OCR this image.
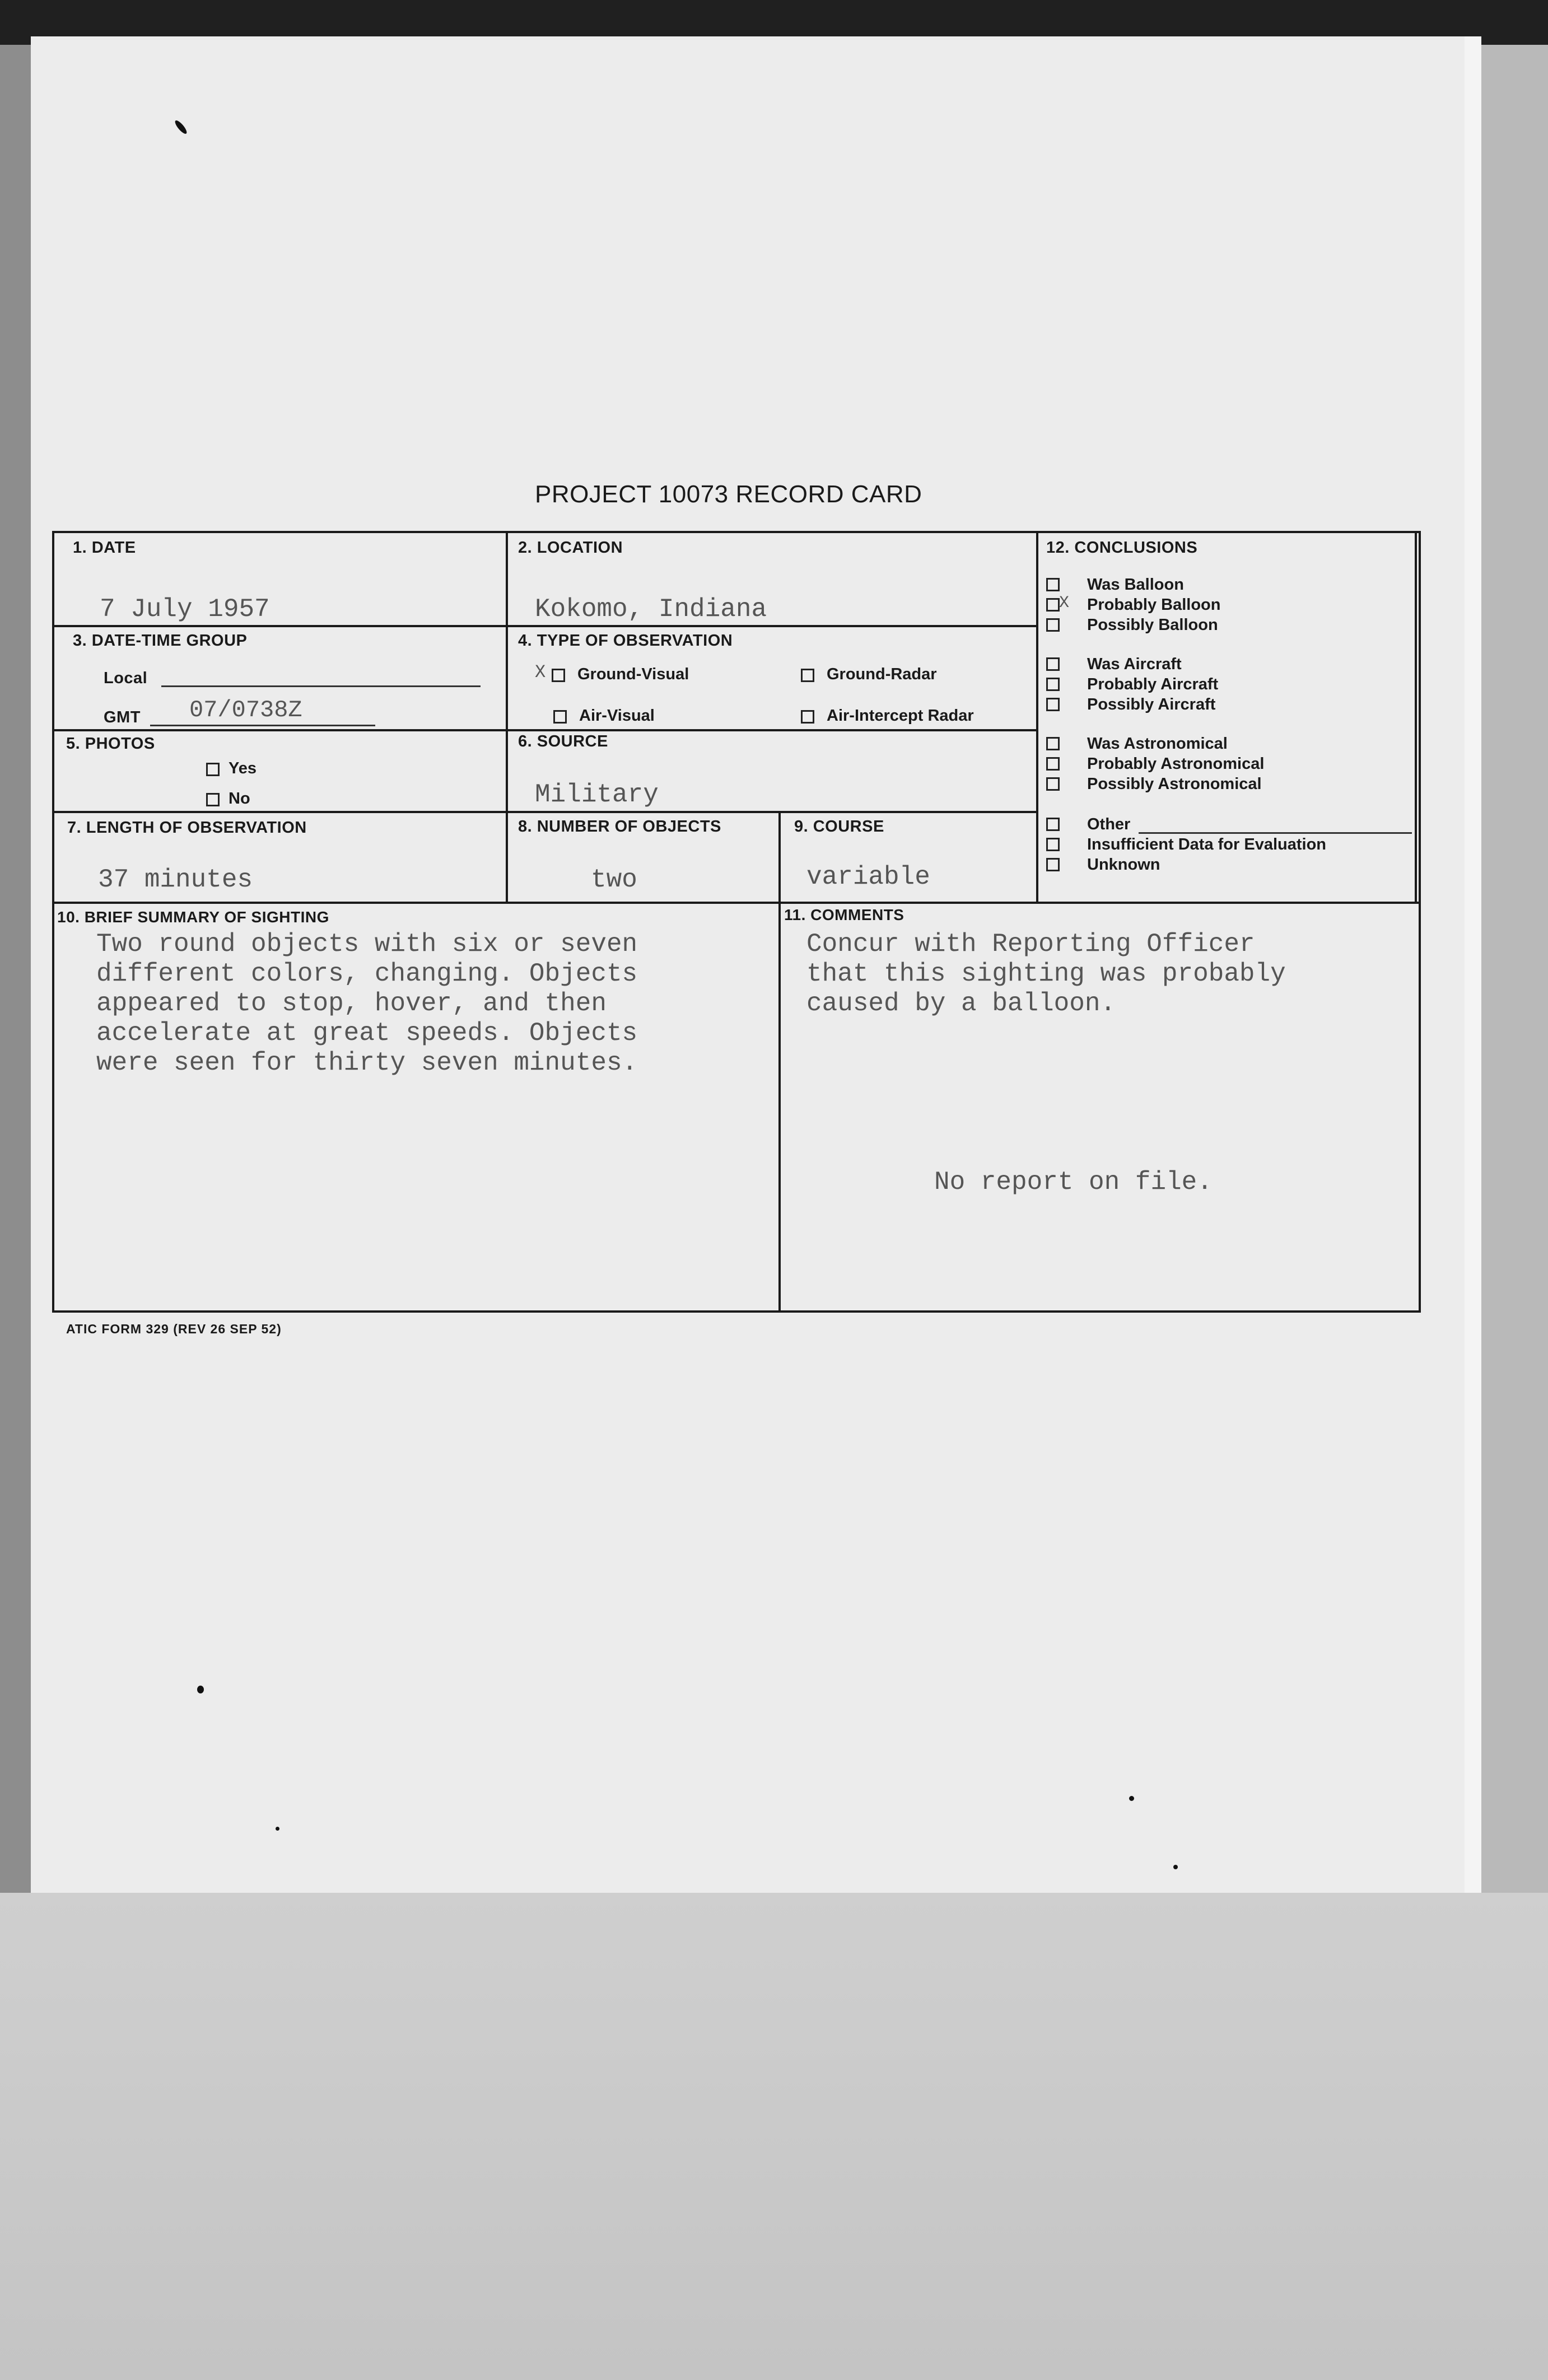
PROJECT 10073 RECORD CARD
1. DATE
7 July 1957
2. LOCATION
Kokomo, Indiana
3. DATE-TIME GROUP
Local
GMT 07/0738Z
4. TYPE OF OBSERVATION
X Ground-Visual	Ground-Radar
Air-Visual	Air-Intercept Radar
5. PHOTOS
Yes
No
6. SOURCE
Military
7. LENGTH OF OBSERVATION
37 minutes
8. NUMBER OF OBJECTS
two
9. COURSE
variable
10. BRIEF SUMMARY OF SIGHTING
Two round objects with six or seven
different colors, changing. Objects
appeared to stop, hover, and then
accelerate at great speeds. Objects
were seen for thirty seven minutes.
11. COMMENTS
Concur with Reporting Officer
that this sighting was probably
caused by a balloon.
No report on file.
12. CONCLUSIONS
Was Balloon
X Probably Balloon
Possibly Balloon
Was Aircraft
Probably Aircraft
Possibly Aircraft
Was Astronomical
Probably Astronomical
Possibly Astronomical
Other
Insufficient Data for Evaluation
Unknown
ATIC FORM 329 (REV 26 SEP 52)
